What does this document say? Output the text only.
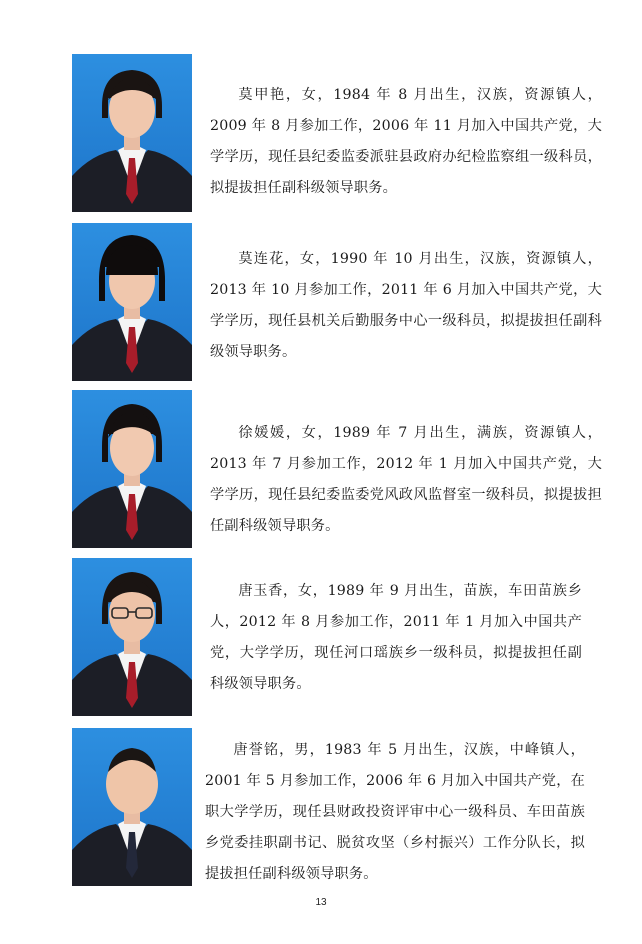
莫甲艳，女，1984 年 8 月出生，汉族，资源镇人，2009 年 8 月参加工作，2006 年 11 月加入中国共产党，大学学历，现任县纪委监委派驻县政府办纪检监察组一级科员，拟提拔担任副科级领导职务。
莫连花，女，1990 年 10 月出生，汉族，资源镇人，2013 年 10 月参加工作，2011 年 6 月加入中国共产党，大学学历，现任县机关后勤服务中心一级科员，拟提拔担任副科级领导职务。
徐媛媛，女，1989 年 7 月出生，满族，资源镇人，2013 年 7 月参加工作，2012 年 1 月加入中国共产党，大学学历，现任县纪委监委党风政风监督室一级科员，拟提拔担任副科级领导职务。
唐玉香，女，1989 年 9 月出生，苗族，车田苗族乡人，2012 年 8 月参加工作，2011 年 1 月加入中国共产党，大学学历，现任河口瑶族乡一级科员，拟提拔担任副科级领导职务。
唐誉铭，男，1983 年 5 月出生，汉族，中峰镇人，2001 年 5 月参加工作，2006 年 6 月加入中国共产党，在职大学学历，现任县财政投资评审中心一级科员、车田苗族乡党委挂职副书记、脱贫攻坚（乡村振兴）工作分队长，拟提拔担任副科级领导职务。
13
